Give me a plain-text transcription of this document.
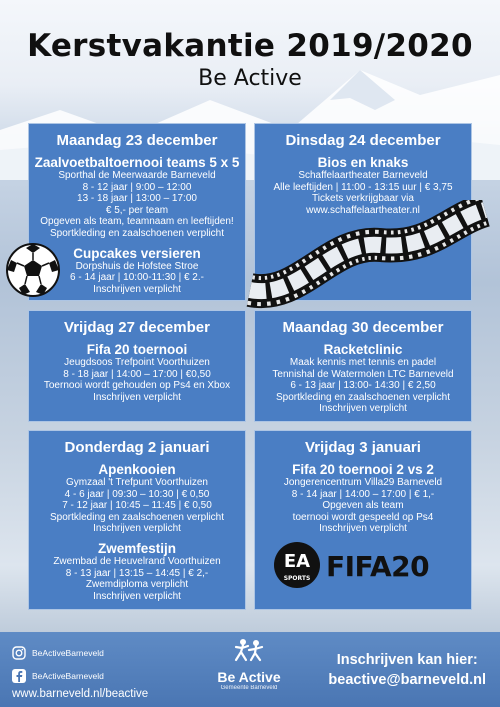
Kerstvakantie 2019/2020
Be Active
Maandag 23 december
Zaalvoetbaltoernooi teams 5 x 5
Sporthal de Meerwaarde Barneveld
8 - 12 jaar | 9:00 – 12:00
13 - 18 jaar | 13:00 – 17:00
€ 5,- per team
Opgeven als team, teamnaam en leeftijden!
Sportkleding en zaalschoenen verplicht
Cupcakes versieren
Dorpshuis de Hofstee Stroe
6 - 14 jaar | 10:00-11:30 | € 2.-
Inschrijven verplicht
Dinsdag 24 december
Bios en knaks
Schaffelaartheater Barneveld
Alle leeftijden | 11:00 - 13:15 uur | € 3,75
Tickets verkrijgbaar via
www.schaffelaartheater.nl
Vrijdag 27 december
Fifa 20 toernooi
Jeugdsoos Trefpoint Voorthuizen
8 - 18 jaar | 14:00 – 17:00 | €0,50
Toernooi wordt gehouden op Ps4 en Xbox
Inschrijven verplicht
Maandag 30 december
Racketclinic
Maak kennis met tennis en padel
Tennishal de Watermolen LTC Barneveld
6 - 13 jaar | 13:00- 14:30 | € 2,50
Sportkleding en zaalschoenen verplicht
Inschrijven verplicht
Donderdag 2 januari
Apenkooien
Gymzaal 't Trefpunt Voorthuizen
4 - 6 jaar | 09:30 – 10:30 | € 0,50
7 - 12 jaar | 10:45 – 11:45 | € 0,50
Sportkleding en zaalschoenen verplicht
Inschrijven verplicht
Zwemfestijn
Zwembad de Heuvelrand Voorthuizen
8 - 13 jaar | 13:15 – 14:45 | € 2,-
Zwemdiploma verplicht
Inschrijven verplicht
Vrijdag 3 januari
Fifa 20 toernooi 2 vs 2
Jongerencentrum Villa29 Barneveld
8 - 14 jaar | 14:00 – 17:00 | € 1,-
Opgeven als team
toernooi wordt gespeeld op Ps4
Inschrijven verplicht
EA
SPORTS FIFA20
BeActiveBarneveld
BeActiveBarneveld
www.barneveld.nl/beactive
Be Active
Gemeente Barneveld
Inschrijven kan hier:
beactive@barneveld.nl
